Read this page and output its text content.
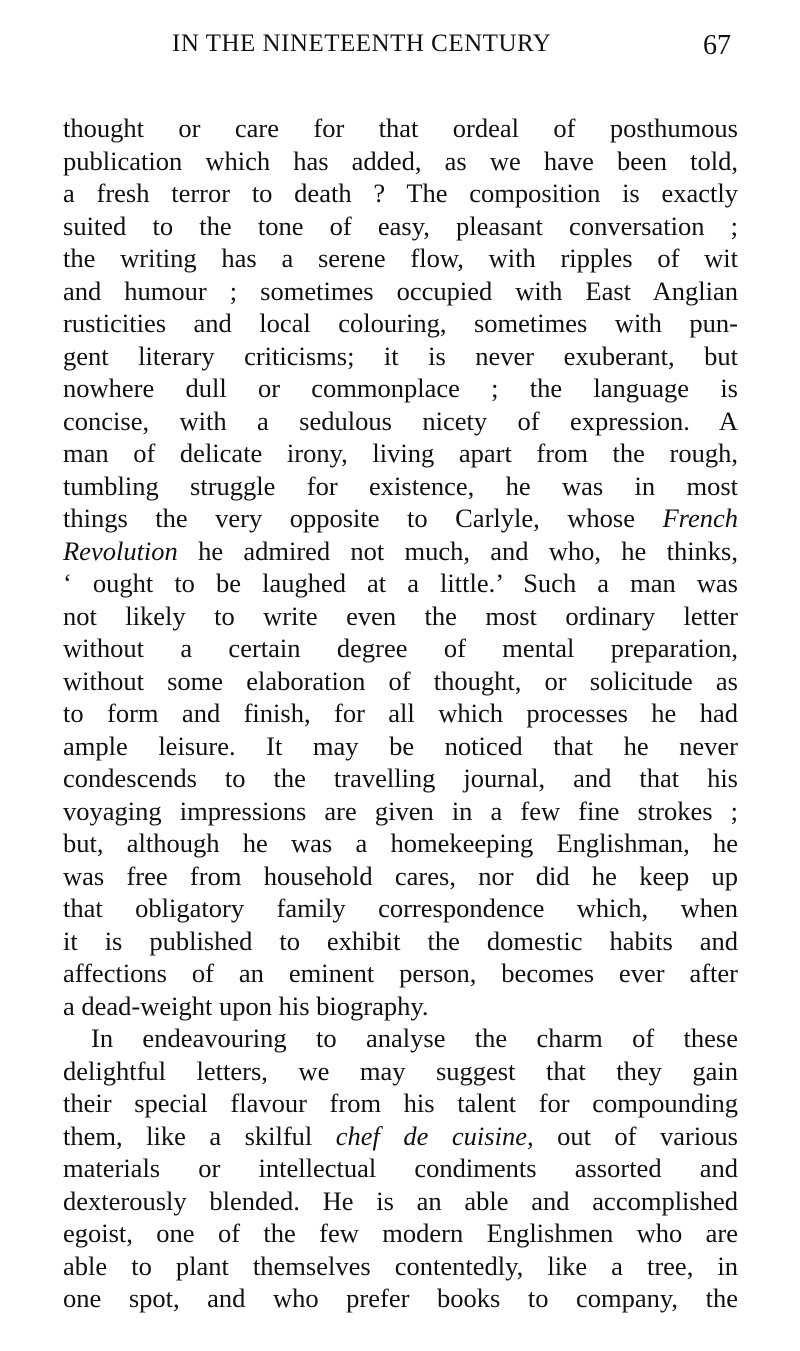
IN THE NINETEENTH CENTURY	67
thought or care for that ordeal of posthumous
publication which has added, as we have been told,
a fresh terror to death ? The composition is exactly
suited to the tone of easy, pleasant conversation ;
the writing has a serene flow, with ripples of wit
and humour ; sometimes occupied with East Anglian
rusticities and local colouring, sometimes with pun-
gent literary criticisms; it is never exuberant, but
nowhere dull or commonplace ; the language is
concise, with a sedulous nicety of expression. A
man of delicate irony, living apart from the rough,
tumbling struggle for existence, he was in most
things the very opposite to Carlyle, whose French
Revolution he admired not much, and who, he thinks,
‘ ought to be laughed at a little.’ Such a man was
not likely to write even the most ordinary letter
without a certain degree of mental preparation,
without some elaboration of thought, or solicitude as
to form and finish, for all which processes he had
ample leisure. It may be noticed that he never
condescends to the travelling journal, and that his
voyaging impressions are given in a few fine strokes ;
but, although he was a homekeeping Englishman, he
was free from household cares, nor did he keep up
that obligatory family correspondence which, when
it is published to exhibit the domestic habits and
affections of an eminent person, becomes ever after
a dead-weight upon his biography.
In endeavouring to analyse the charm of these
delightful letters, we may suggest that they gain
their special flavour from his talent for compounding
them, like a skilful chef de cuisine, out of various
materials or intellectual condiments assorted and
dexterously blended. He is an able and accomplished
egoist, one of the few modern Englishmen who are
able to plant themselves contentedly, like a tree, in
one spot, and who prefer books to company, the
